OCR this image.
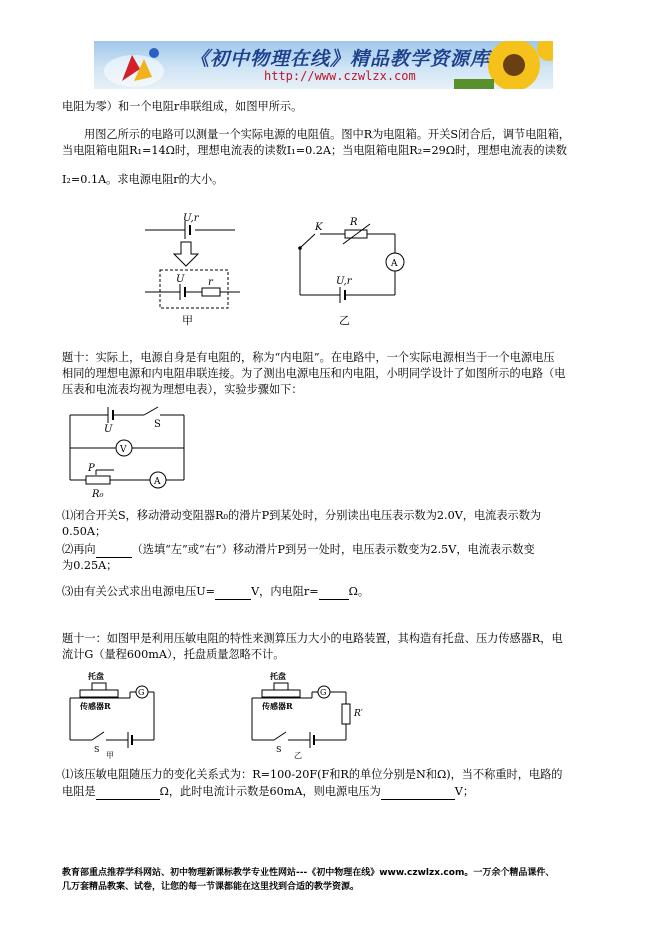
《初中物理在线》精品教学资源库
http://www.czwlzx.com
电阻为零）和一个电阻r串联组成，如图甲所示。
用图乙所示的电路可以测量一个实际电源的电阻值。图中R为电阻箱。开关S闭合后，调节电阻箱，
当电阻箱电阻R₁=14Ω时，理想电流表的读数I₁=0.2A；当电阻箱电阻R₂=29Ω时，理想电流表的读数
I₂=0.1A。求电源电阻r的大小。
U,r
U r
甲
K	R
A
U,r
乙
题十：实际上，电源自身是有电阻的，称为“内电阻”。在电路中，一个实际电源相当于一个电源电压
相同的理想电源和内电阻串联连接。为了测出电源电压和内电阻，小明同学设计了如图所示的电路（电
压表和电流表均视为理想电表），实验步骤如下：
U	S
V
P
A
R₀
⑴闭合开关S，移动滑动变阻器R₀的滑片P到某处时，分别读出电压表示数为2.0V，电流表示数为
0.50A；
⑵再向	（选填“左”或“右”）移动滑片P到另一处时，电压表示数变为2.5V，电流表示数变
为0.25A；
⑶由有关公式求出电源电压U=	V，内电阻r=	Ω。
题十一：如图甲是利用压敏电阻的特性来测算压力大小的电路装置，其构造有托盘、压力传感器R，电
流计G（量程600mA），托盘质量忽略不计。
托盘
传感器R
G
S
甲
托盘
传感器R
G
R′
S
乙
⑴该压敏电阻随压力的变化关系式为：R=100-20F(F和R的单位分别是N和Ω)，当不称重时，电路的
电阻是	Ω，此时电流计示数是60mA，则电源电压为	V；
教育部重点推荐学科网站、初中物理新课标教学专业性网站---《初中物理在线》www.czwlzx.com。一万余个精品课件、
几万套精品教案、试卷，让您的每一节课都能在这里找到合适的教学资源。
